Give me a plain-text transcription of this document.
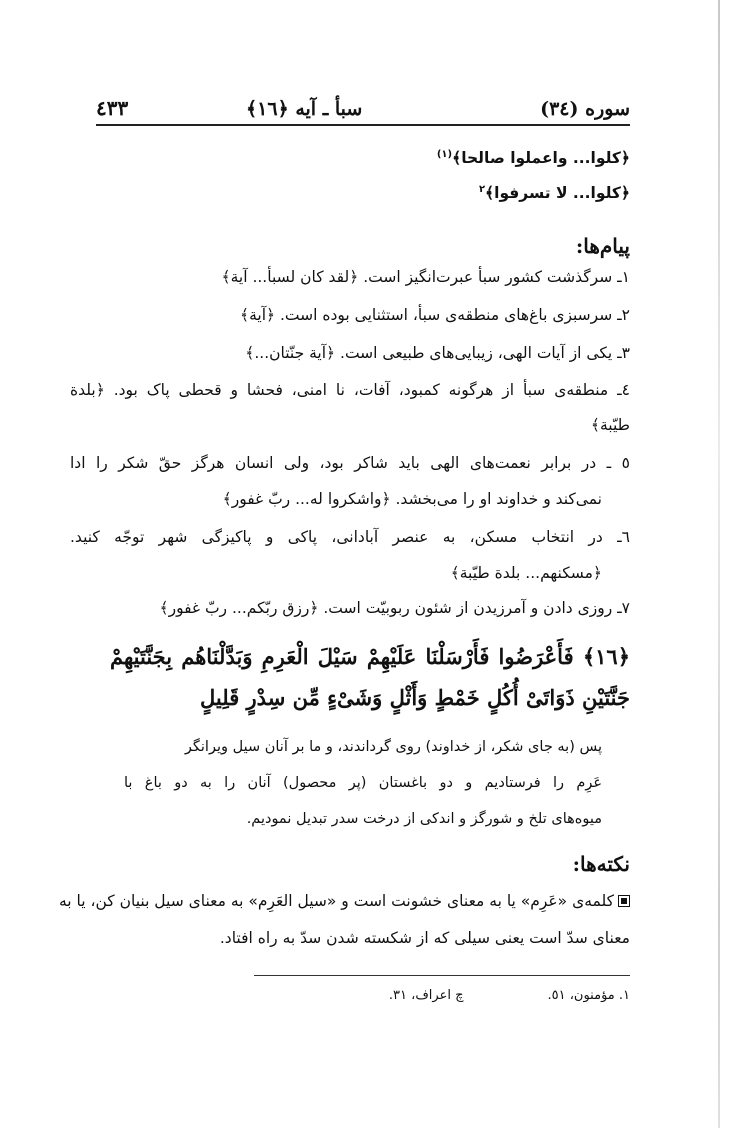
سوره (٣٤)
سبأ ـ آيه ﴿١٦﴾
٤٣٣
﴿كلوا... واعملوا صالحا﴾$^{(١)}$
﴿كلوا... لا تسرفوا﴾$^٢$
پيام‌ها:
١ـ سرگذشت كشور سبأ عبرت‌انگيز است. ﴿لقد كان لسبأ... آية﴾
٢ـ سرسبزى باغ‌هاى منطقه‌ى سبأ، استثنايى بوده است. ﴿آية﴾
٣ـ يكى از آيات الهى، زيبايى‌هاى طبيعى است. ﴿آية جنّتان...﴾
٤ـ منطقه‌ى سبأ از هرگونه كمبود، آفات، نا امنى، فحشا و قحطى پاک بود. ﴿بلدة
طيّبة﴾
٥ ـ در برابر نعمت‌هاى الهى بايد شاكر بود، ولى انسان هرگز حقّ شكر را ادا
نمى‌كند و خداوند او را مى‌بخشد. ﴿واشكروا له... ربّ غفور﴾
٦ـ در انتخاب مسكن، به عنصر آبادانى، پاكى و پاكيزگى شهر توجّه كنيد.
﴿مسكنهم... بلدة طيّبة﴾
٧ـ روزى دادن و آمرزيدن از شئون ربوبيّت است. ﴿رزق ربّكم... ربّ غفور﴾
﴿١٦﴾ فَأَعْرَضُوا فَأَرْسَلْنَا عَلَيْهِمْ سَيْلَ الْعَرِمِ وَبَدَّلْنَاهُم بِجَنَّتَيْهِمْ
جَنَّتَيْنِ ذَوَاتَىْ أُكُلٍ خَمْطٍ وَأَثْلٍ وَشَىْءٍ مِّن سِدْرٍ قَلِيلٍ
پس (به جاى شكر، از خداوند) روى گرداندند، و ما بر آنان سيل ويرانگر
عَرِم را فرستاديم و دو باغستان (پر محصول) آنان را به دو باغ با
ميوه‌هاى تلخ و شورگز و اندكى از درخت سدر تبديل نموديم.
نكته‌ها:
كلمه‌ى «عَرِم» يا به معناى خشونت است و «سيل العَرِم» به معناى سيل بنيان كن، يا به
معناى سدّ است يعنى سيلى كه از شكسته شدن سدّ به راه افتاد.
١. مؤمنون، ٥١.
چ اعراف، ٣١.
